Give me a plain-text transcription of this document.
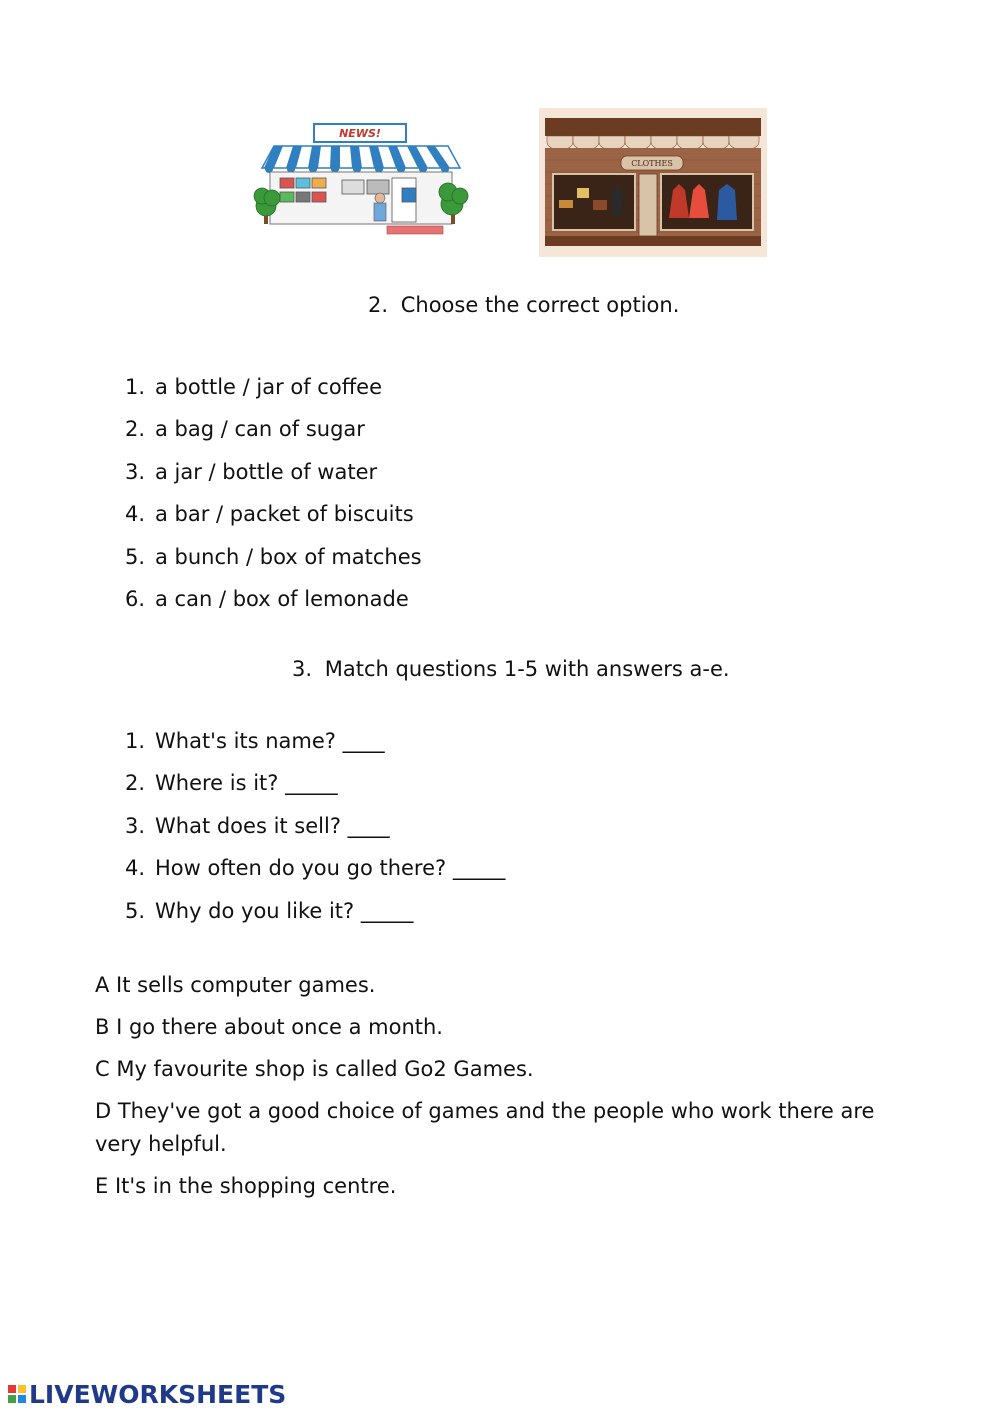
NEWS!
CLOTHES
2. Choose the correct option.
1. a bottle / jar of coffee
2. a bag / can of sugar
3. a jar / bottle of water
4. a bar / packet of biscuits
5. a bunch / box of matches
6. a can / box of lemonade
3. Match questions 1-5 with answers a-e.
1. What's its name? ____
2. Where is it? _____
3. What does it sell? ____
4. How often do you go there? _____
5. Why do you like it? _____

A It sells computer games.

B I go there about once a month.

C My favourite shop is called Go2 Games.

D They've got a good choice of games and the people who work there are very helpful.

E It's in the shopping centre.

LIVEWORKSHEETS
